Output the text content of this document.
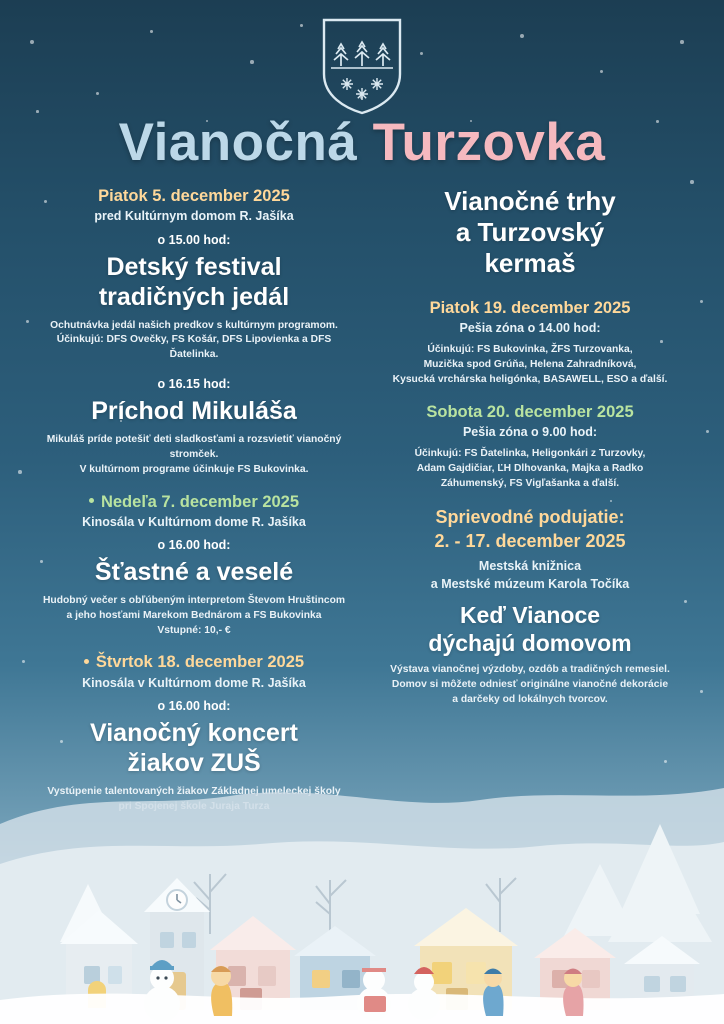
Vianočná Turzovka
Piatok 5. december 2025
pred Kultúrnym domom R. Jašíka
o 15.00 hod:
Detský festival
tradičných jedál
Ochutnávka jedál našich predkov s kultúrnym programom.
Účinkujú: DFS Ovečky, FS Košár, DFS Lipovienka a DFS Ďatelinka.
o 16.15 hod:
Príchod Mikuláša
Mikuláš príde potešiť deti sladkosťami a rozsvietiť vianočný stromček.
V kultúrnom programe účinkuje FS Bukovinka.
Nedeľa 7. december 2025
Kinosála v Kultúrnom dome R. Jašíka
o 16.00 hod:
Šťastné a veselé
Hudobný večer s obľúbeným interpretom Števom Hruštincom
a jeho hosťami Marekom Bednárom a FS Bukovinka
Vstupné: 10,- €
Štvrtok 18. december 2025
Kinosála v Kultúrnom dome R. Jašíka
o 16.00 hod:
Vianočný koncert
žiakov ZUŠ
Vystúpenie talentovaných žiakov Základnej umeleckej školy
Vianočné trhy
a Turzovský
kermaš
Piatok 19. december 2025
Pešia zóna o 14.00 hod:
Účinkujú: FS Bukovinka, ŽFS Turzovanka,
Muzička spod Grúňa, Helena Zahradníková,
Kysucká vrchárska heligónka, BASAWELL, ESO a ďalší.
Sobota 20. december 2025
Pešia zóna o 9.00 hod:
Účinkujú: FS Ďatelinka, Heligonkári z Turzovky,
Adam Gajdičiar, ĽH Dlhovanka, Majka a Radko
Záhumenský, FS Vigľašanka a ďalší.
Sprievodné podujatie:
2. - 17. december 2025
Mestská knižnica
a Mestské múzeum Karola Točíka
Keď Vianoce
dýchajú domovom
Výstava vianočnej výzdoby, ozdôb a tradičných remesiel.
Domov si môžete odniesť originálne vianočné dekorácie
a darčeky od lokálnych tvorcov.
